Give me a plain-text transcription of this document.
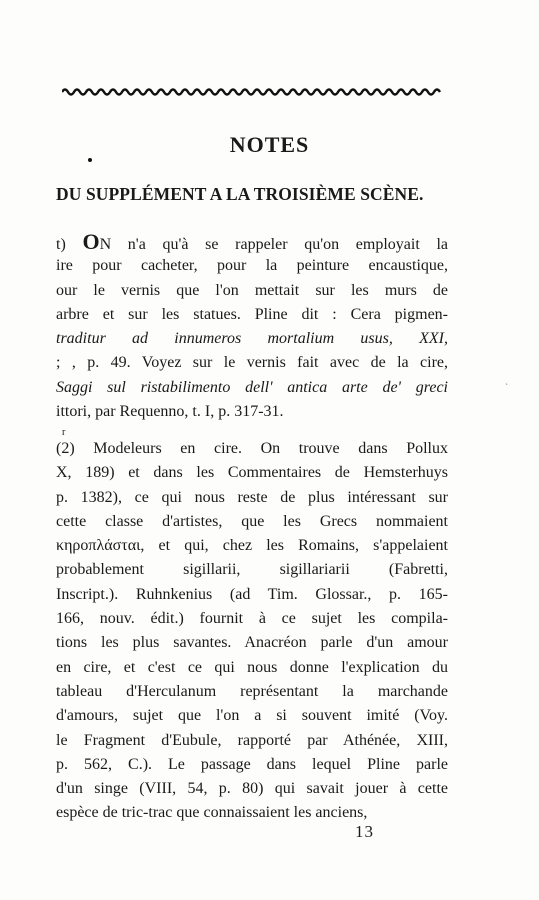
NOTES
DU SUPPLÉMENT A LA TROISIÈME SCÈNE.
t) ON n'a qu'à se rappeler qu'on employait la
ire pour cacheter, pour la peinture encaustique,
our le vernis que l'on mettait sur les murs de
arbre et sur les statues. Pline dit : Cera pigmen-
traditur ad innumeros mortalium usus, XXI,
; , p. 49. Voyez sur le vernis fait avec de la cire,
Saggi sul ristabilimento dell' antica arte de' greci
ittori, par Requenno, t. I, p. 317-31.
r
`
(2) Modeleurs en cire. On trouve dans Pollux
X, 189) et dans les Commentaires de Hemsterhuys
p. 1382), ce qui nous reste de plus intéressant sur
cette classe d'artistes, que les Grecs nommaient
κηροπλάσται, et qui, chez les Romains, s'appelaient
probablement sigillarii, sigillariarii (Fabretti,
Inscript.). Ruhnkenius (ad Tim. Glossar., p. 165-
166, nouv. édit.) fournit à ce sujet les compila-
tions les plus savantes. Anacréon parle d'un amour
en cire, et c'est ce qui nous donne l'explication du
tableau d'Herculanum représentant la marchande
d'amours, sujet que l'on a si souvent imité (Voy.
le Fragment d'Eubule, rapporté par Athénée, XIII,
p. 562, C.). Le passage dans lequel Pline parle
d'un singe (VIII, 54, p. 80) qui savait jouer à cette
espèce de tric-trac que connaissaient les anciens,
13
